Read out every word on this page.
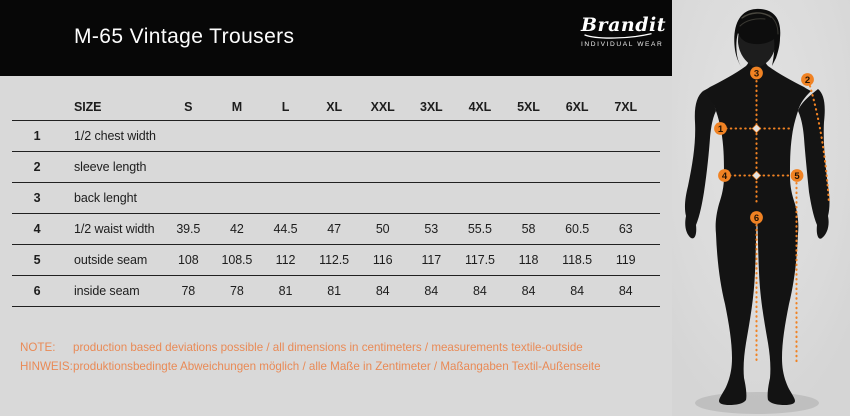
M-65 Vintage Trousers	Brandit
INDIVIDUAL WEAR
SIZE	S	M	L	XL	XXL	3XL	4XL	5XL	6XL	7XL
1	1/2 chest width
2	sleeve length
3	back lenght
4	1/2 waist width	39.5	42	44.5	47	50	53	55.5	58	60.5	63
5	outside seam	108	108.5	112	112.5	116	117	117.5	118	118.5	119
6	inside seam	78	78	81	81	84	84	84	84	84	84
NOTE:	production based deviations possible / all dimensions in centimeters / measurements textile-outside
HINWEIS: produktionsbedingte Abweichungen möglich / alle Maße in Zentimeter / Maßangaben Textil-Außenseite
1
2
3
4	5
6
